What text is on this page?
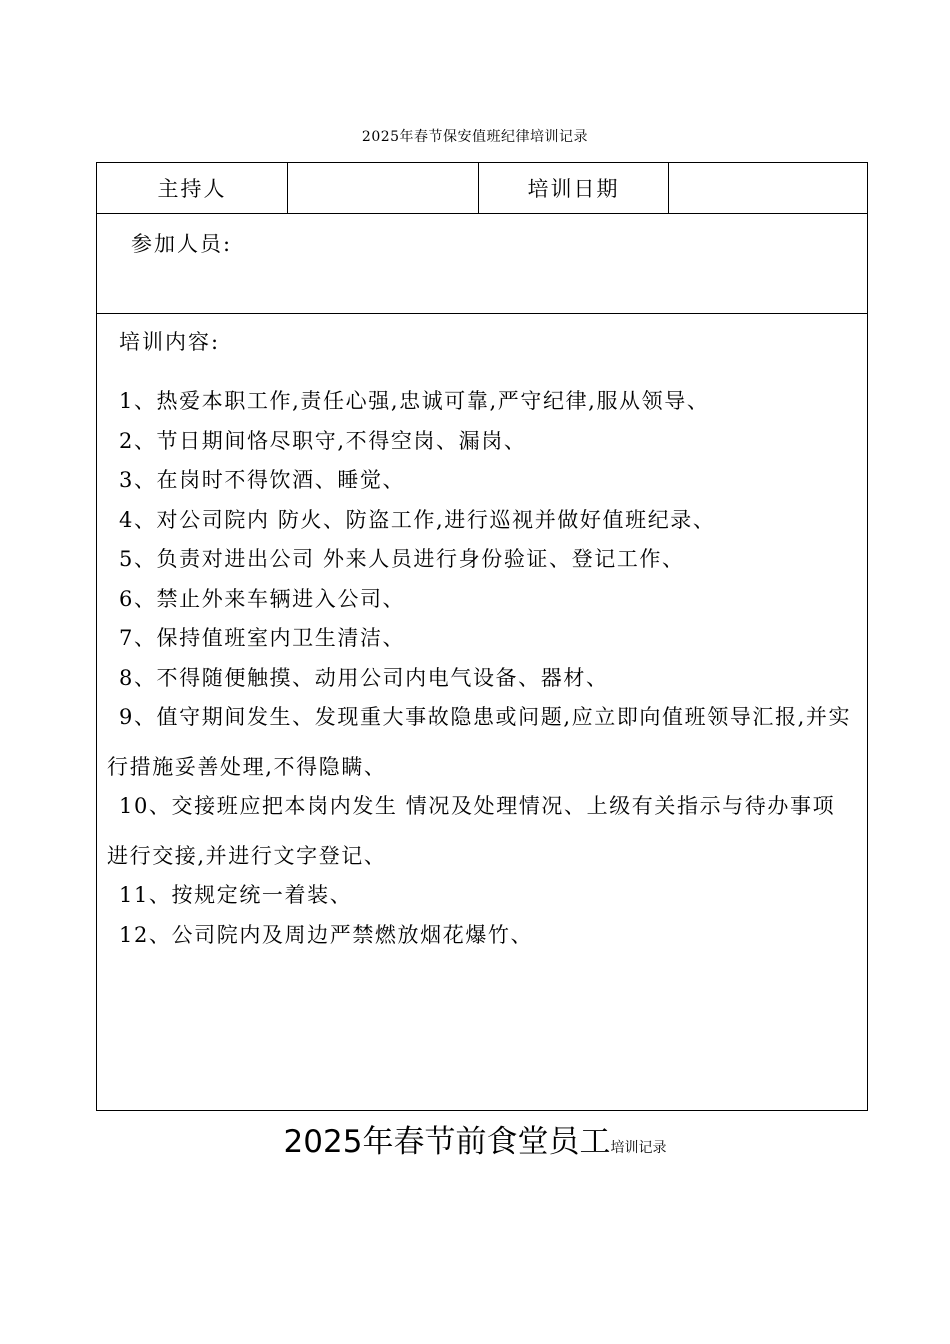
2025年春节保安值班纪律培训记录
主持人	培训日期
参加人员:
培训内容:
1、热爱本职工作,责任心强,忠诚可靠,严守纪律,服从领导、
2、节日期间恪尽职守,不得空岗、漏岗、
3、在岗时不得饮酒、睡觉、
4、对公司院内 防火、防盗工作,进行巡视并做好值班纪录、
5、负责对进出公司 外来人员进行身份验证、登记工作、
6、禁止外来车辆进入公司、
7、保持值班室内卫生清洁、
8、不得随便触摸、动用公司内电气设备、器材、
9、值守期间发生、发现重大事故隐患或问题,应立即向值班领导汇报,并实行措施妥善处理,不得隐瞒、
10、交接班应把本岗内发生 情况及处理情况、上级有关指示与待办事项进行交接,并进行文字登记、
11、按规定统一着装、
12、公司院内及周边严禁燃放烟花爆竹、
2025年春节前食堂员工培训记录
